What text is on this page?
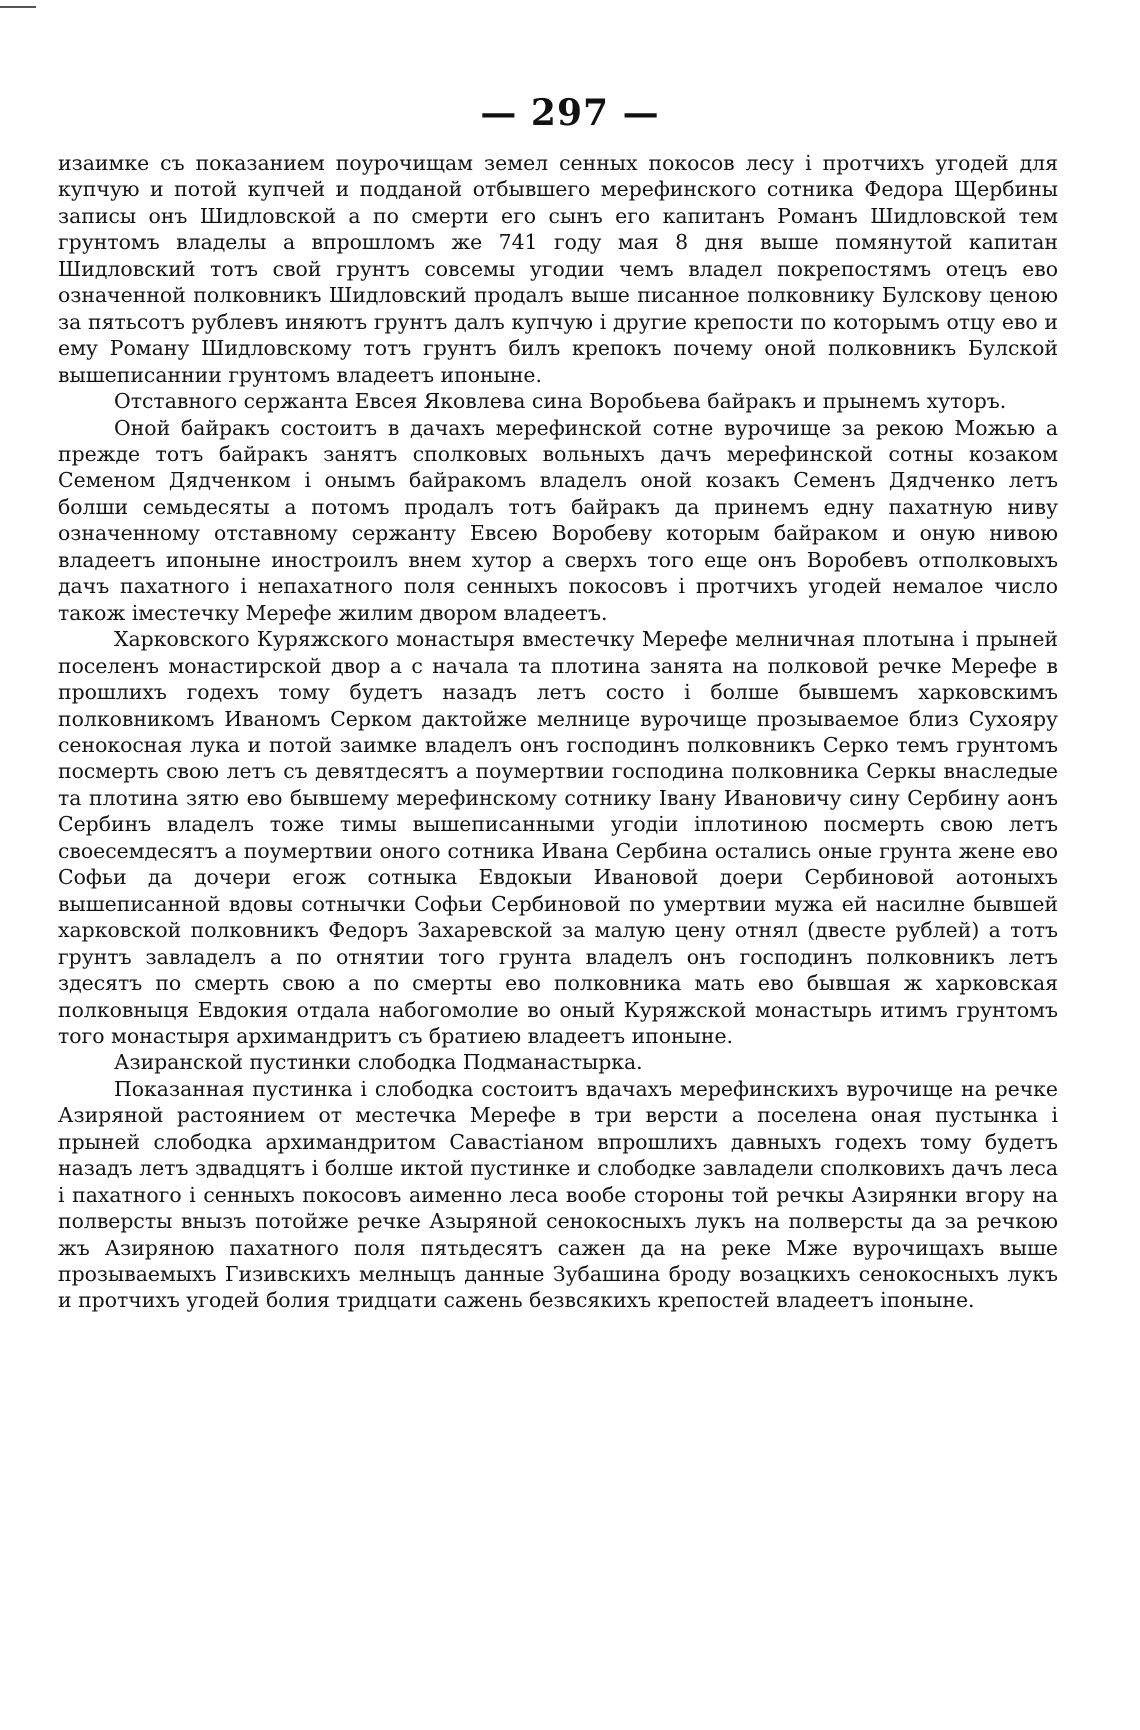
— 297 —

изаимке съ показанием поурочищам земел сенных покосов лесу і протчихъ угодей для купчую и потой купчей и подданой отбывшего мерефинского сотника Федора Щербины записы онъ Шидловской а по смерти его сынъ его капитанъ Романъ Шидловской тем грунтомъ владелы а впрошломъ же 741 году мая 8 дня выше помянутой капитан Шидловский тотъ свой грунтъ совсемы угодии чемъ владел покрепостямъ отецъ ево означенной полковникъ Шидловский продалъ выше писанное полковнику Булскову ценою за пятьсотъ рублевъ иняютъ грунтъ далъ купчую і другие крепости по которымъ отцу ево и ему Роману Шидловскому тотъ грунтъ билъ крепокъ почему оной полковникъ Булской вышеписаннии грунтомъ владеетъ ипоныне.

Отставного сержанта Евсея Яковлева сина Воробьева байракъ и прынемъ хуторъ.

Оной байракъ состоитъ в дачахъ мерефинской сотне вурочище за рекою Можью а прежде тотъ байракъ занятъ сполковых вольныхъ дачъ мерефинской сотны козаком Семеном Дядченком і онымъ байракомъ владелъ оной козакъ Семенъ Дядченко летъ болши семьдесяты а потомъ продалъ тотъ байракъ да принемъ едну пахатную ниву означенному отставному сержанту Евсею Воробеву которым байраком и оную нивою владеетъ ипоныне иностроилъ внем хутор а сверхъ того еще онъ Воробевъ отполковыхъ дачъ пахатного і непахатного поля сенныхъ покосовъ і протчихъ угодей немалое число також іместечку Мерефе жилим двором владеетъ.

Харковского Куряжского монастыря вместечку Мерефе мелничная плотына і прыней поселенъ монастирской двор а с начала та плотина занята на полковой речке Мерефе в прошлихъ годехъ тому будетъ назадъ летъ состо і болше бывшемъ харковскимъ полковникомъ Иваномъ Серком дактойже мелнице вурочище прозываемое близ Сухояру сенокосная лука и потой заимке владелъ онъ господинъ полковникъ Серко темъ грунтомъ посмерть свою летъ съ девятдесятъ а поумертвии господина полковника Серкы внаследые та плотина зятю ево бывшему мерефинскому сотнику Івану Ивановичу сину Сербину аонъ Сербинъ владелъ тоже тимы вышеписанными угодіи іплотиною посмерть свою летъ своесемдесятъ а поумертвии оного сотника Ивана Сербина остались оные грунта жене ево Софьи да дочери егож сотныка Евдокыи Ивановой доери Сербиновой аотоныхъ вышеписанной вдовы сотнычки Софьи Сербиновой по умертвии мужа ей насилне бывшей харковской полковникъ Федоръ Захаревской за малую цену отнял (двесте рублей) а тотъ грунтъ завладелъ а по отнятии того грунта владелъ онъ господинъ полковникъ летъ здесятъ по смерть свою а по смерты ево полковника мать ево бывшая ж харковская полковныця Евдокия отдала набогомолие во оный Куряжской монастырь итимъ грунтомъ того монастыря архимандритъ съ братиею владеетъ ипоныне.

Азиранской пустинки слободка Подманастырка.

Показанная пустинка і слободка состоитъ вдачахъ мерефинскихъ вурочище на речке Азиряной растоянием от местечка Мерефе в три версти а поселена оная пустынка і прыней слободка архимандритом Савастіаном впрошлихъ давныхъ годехъ тому будетъ назадъ летъ здвадцятъ і болше иктой пустинке и слободке завладели сполковихъ дачъ леса і пахатного і сенныхъ покосовъ аименно леса вообе стороны той речкы Азирянки вгору на полверсты внызъ потойже речке Азыряной сенокосныхъ лукъ на полверсты да за речкою жъ Азиряною пахатного поля пятьдесятъ сажен да на реке Мже вурочищахъ выше прозываемыхъ Гизивскихъ мелныцъ данные Зубашина броду возацкихъ сенокосныхъ лукъ и протчихъ угодей болия тридцати сажень безвсякихъ крепостей владеетъ іпоныне.
